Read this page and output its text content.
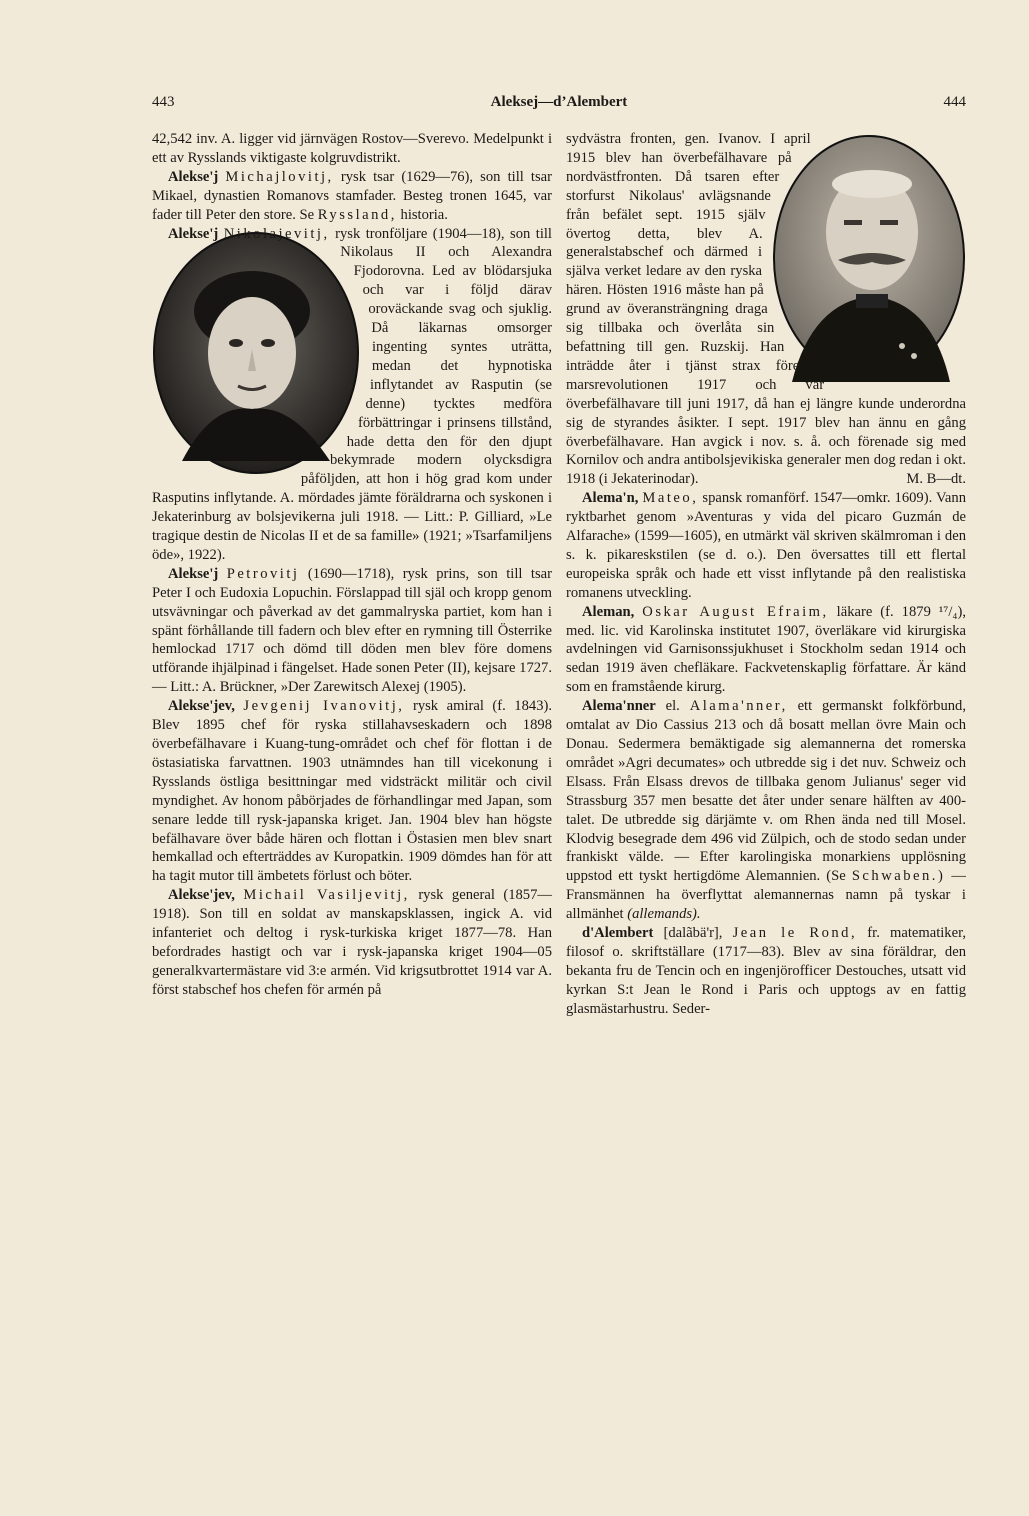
443	Aleksej—d’Alembert	444

42,542 inv. A. ligger vid järnvägen Rostov—Sverevo. Medelpunkt i ett av Rysslands viktigaste kolgruvdistrikt.

Alekse'j Michajlovitj, rysk tsar (1629—76), son till tsar Mikael, dynastien Romanovs stamfader. Besteg tronen 1645, var fader till Peter den store. Se Ryssland, historia.

Alekse'j Nikolajevitj, rysk tronföljare (1904—18), son till Nikolaus II och Alexandra Fjodorovna. Led av blödarsjuka och var i följd därav oroväckande svag och sjuklig. Då läkarnas omsorger ingenting syntes uträtta, medan det hypnotiska inflytandet av Rasputin (se denne) tycktes medföra förbättringar i prinsens tillstånd, hade detta den för den djupt bekymrade modern olycksdigra påföljden, att hon i hög grad kom under Rasputins inflytande. A. mördades jämte föräldrarna och syskonen i Jekaterinburg av bolsjevikerna juli 1918. — Litt.: P. Gilliard, »Le tragique destin de Nicolas II et de sa famille» (1921; »Tsarfamiljens öde», 1922).

Alekse'j Petrovitj (1690—1718), rysk prins, son till tsar Peter I och Eudoxia Lopuchin. Förslappad till själ och kropp genom utsvävningar och påverkad av det gammalryska partiet, kom han i spänt förhållande till fadern och blev efter en rymning till Österrike hemlockad 1717 och dömd till döden men blev före domens utförande ihjälpinad i fängelset. Hade sonen Peter (II), kejsare 1727. — Litt.: A. Brückner, »Der Zarewitsch Alexej (1905).

Alekse'jev, Jevgenij Ivanovitj, rysk amiral (f. 1843). Blev 1895 chef för ryska stillahavseskadern och 1898 överbefälhavare i Kuang-tung-området och chef för flottan i de östasiatiska farvattnen. 1903 utnämndes han till vicekonung i Rysslands östliga besittningar med vidsträckt militär och civil myndighet. Av honom påbörjades de förhandlingar med Japan, som senare ledde till rysk-japanska kriget. Jan. 1904 blev han högste befälhavare över både hären och flottan i Östasien men blev snart hemkallad och efterträddes av Kuropatkin. 1909 dömdes han för att ha tagit mutor till ämbetets förlust och böter.

Alekse'jev, Michail Vasiljevitj, rysk general (1857—1918). Son till en soldat av manskapsklassen, ingick A. vid infanteriet och deltog i rysk-turkiska kriget 1877—78. Han befordrades hastigt och var i rysk-japanska kriget 1904—05 generalkvartermästare vid 3:e armén. Vid krigsutbrottet 1914 var A. först stabschef hos chefen för armén på

sydvästra fronten, gen. Ivanov. I april 1915 blev han överbefälhavare på nordvästfronten. Då tsaren efter storfurst Nikolaus' avlägsnande från befälet sept. 1915 själv övertog detta, blev A. generalstabschef och därmed i själva verket ledare av den ryska hären. Hösten 1916 måste han på grund av överansträngning draga sig tillbaka och överlåta sin befattning till gen. Ruzskij. Han inträdde åter i tjänst strax före marsrevolutionen 1917 och var överbefälhavare till juni 1917, då han ej längre kunde underordna sig de styrandes åsikter. I sept. 1917 blev han ännu en gång överbefälhavare. Han avgick i nov. s. å. och förenade sig med Kornilov och andra antibolsjevikiska generaler men dog redan i okt. 1918 (i Jekaterinodar).	M. B—dt.

Alema'n, Mateo, spansk romanförf. 1547—omkr. 1609). Vann ryktbarhet genom »Aventuras y vida del picaro Guzmán de Alfarache» (1599—1605), en utmärkt väl skriven skälmroman i den s. k. pikareskstilen (se d. o.). Den översattes till ett flertal europeiska språk och hade ett visst inflytande på den realistiska romanens utveckling.

Aleman, Oskar August Efraim, läkare (f. 1879 ¹⁷/₄), med. lic. vid Karolinska institutet 1907, överläkare vid kirurgiska avdelningen vid Garnisonssjukhuset i Stockholm sedan 1914 och sedan 1919 även chefläkare. Fackvetenskaplig författare. Är känd som en framstående kirurg.

Alema'nner el. Alama'nner, ett germanskt folkförbund, omtalat av Dio Cassius 213 och då bosatt mellan övre Main och Donau. Sedermera bemäktigade sig alemannerna det romerska området »Agri decumates» och utbredde sig i det nuv. Schweiz och Elsass. Från Elsass drevos de tillbaka genom Julianus' seger vid Strassburg 357 men besatte det åter under senare hälften av 400-talet. De utbredde sig därjämte v. om Rhen ända ned till Mosel. Klodvig besegrade dem 496 vid Zülpich, och de stodo sedan under frankiskt välde. — Efter karolingiska monarkiens upplösning uppstod ett tyskt hertigdöme Alemannien. (Se Schwaben.) — Fransmännen ha överflyttat alemannernas namn på tyskar i allmänhet (allemands).

d'Alembert [dalãbä'r], Jean le Rond, fr. matematiker, filosof o. skriftställare (1717—83). Blev av sina föräldrar, den bekanta fru de Tencin och en ingenjörofficer Destouches, utsatt vid kyrkan S:t Jean le Rond i Paris och upptogs av en fattig glasmästarhustru. Seder-
